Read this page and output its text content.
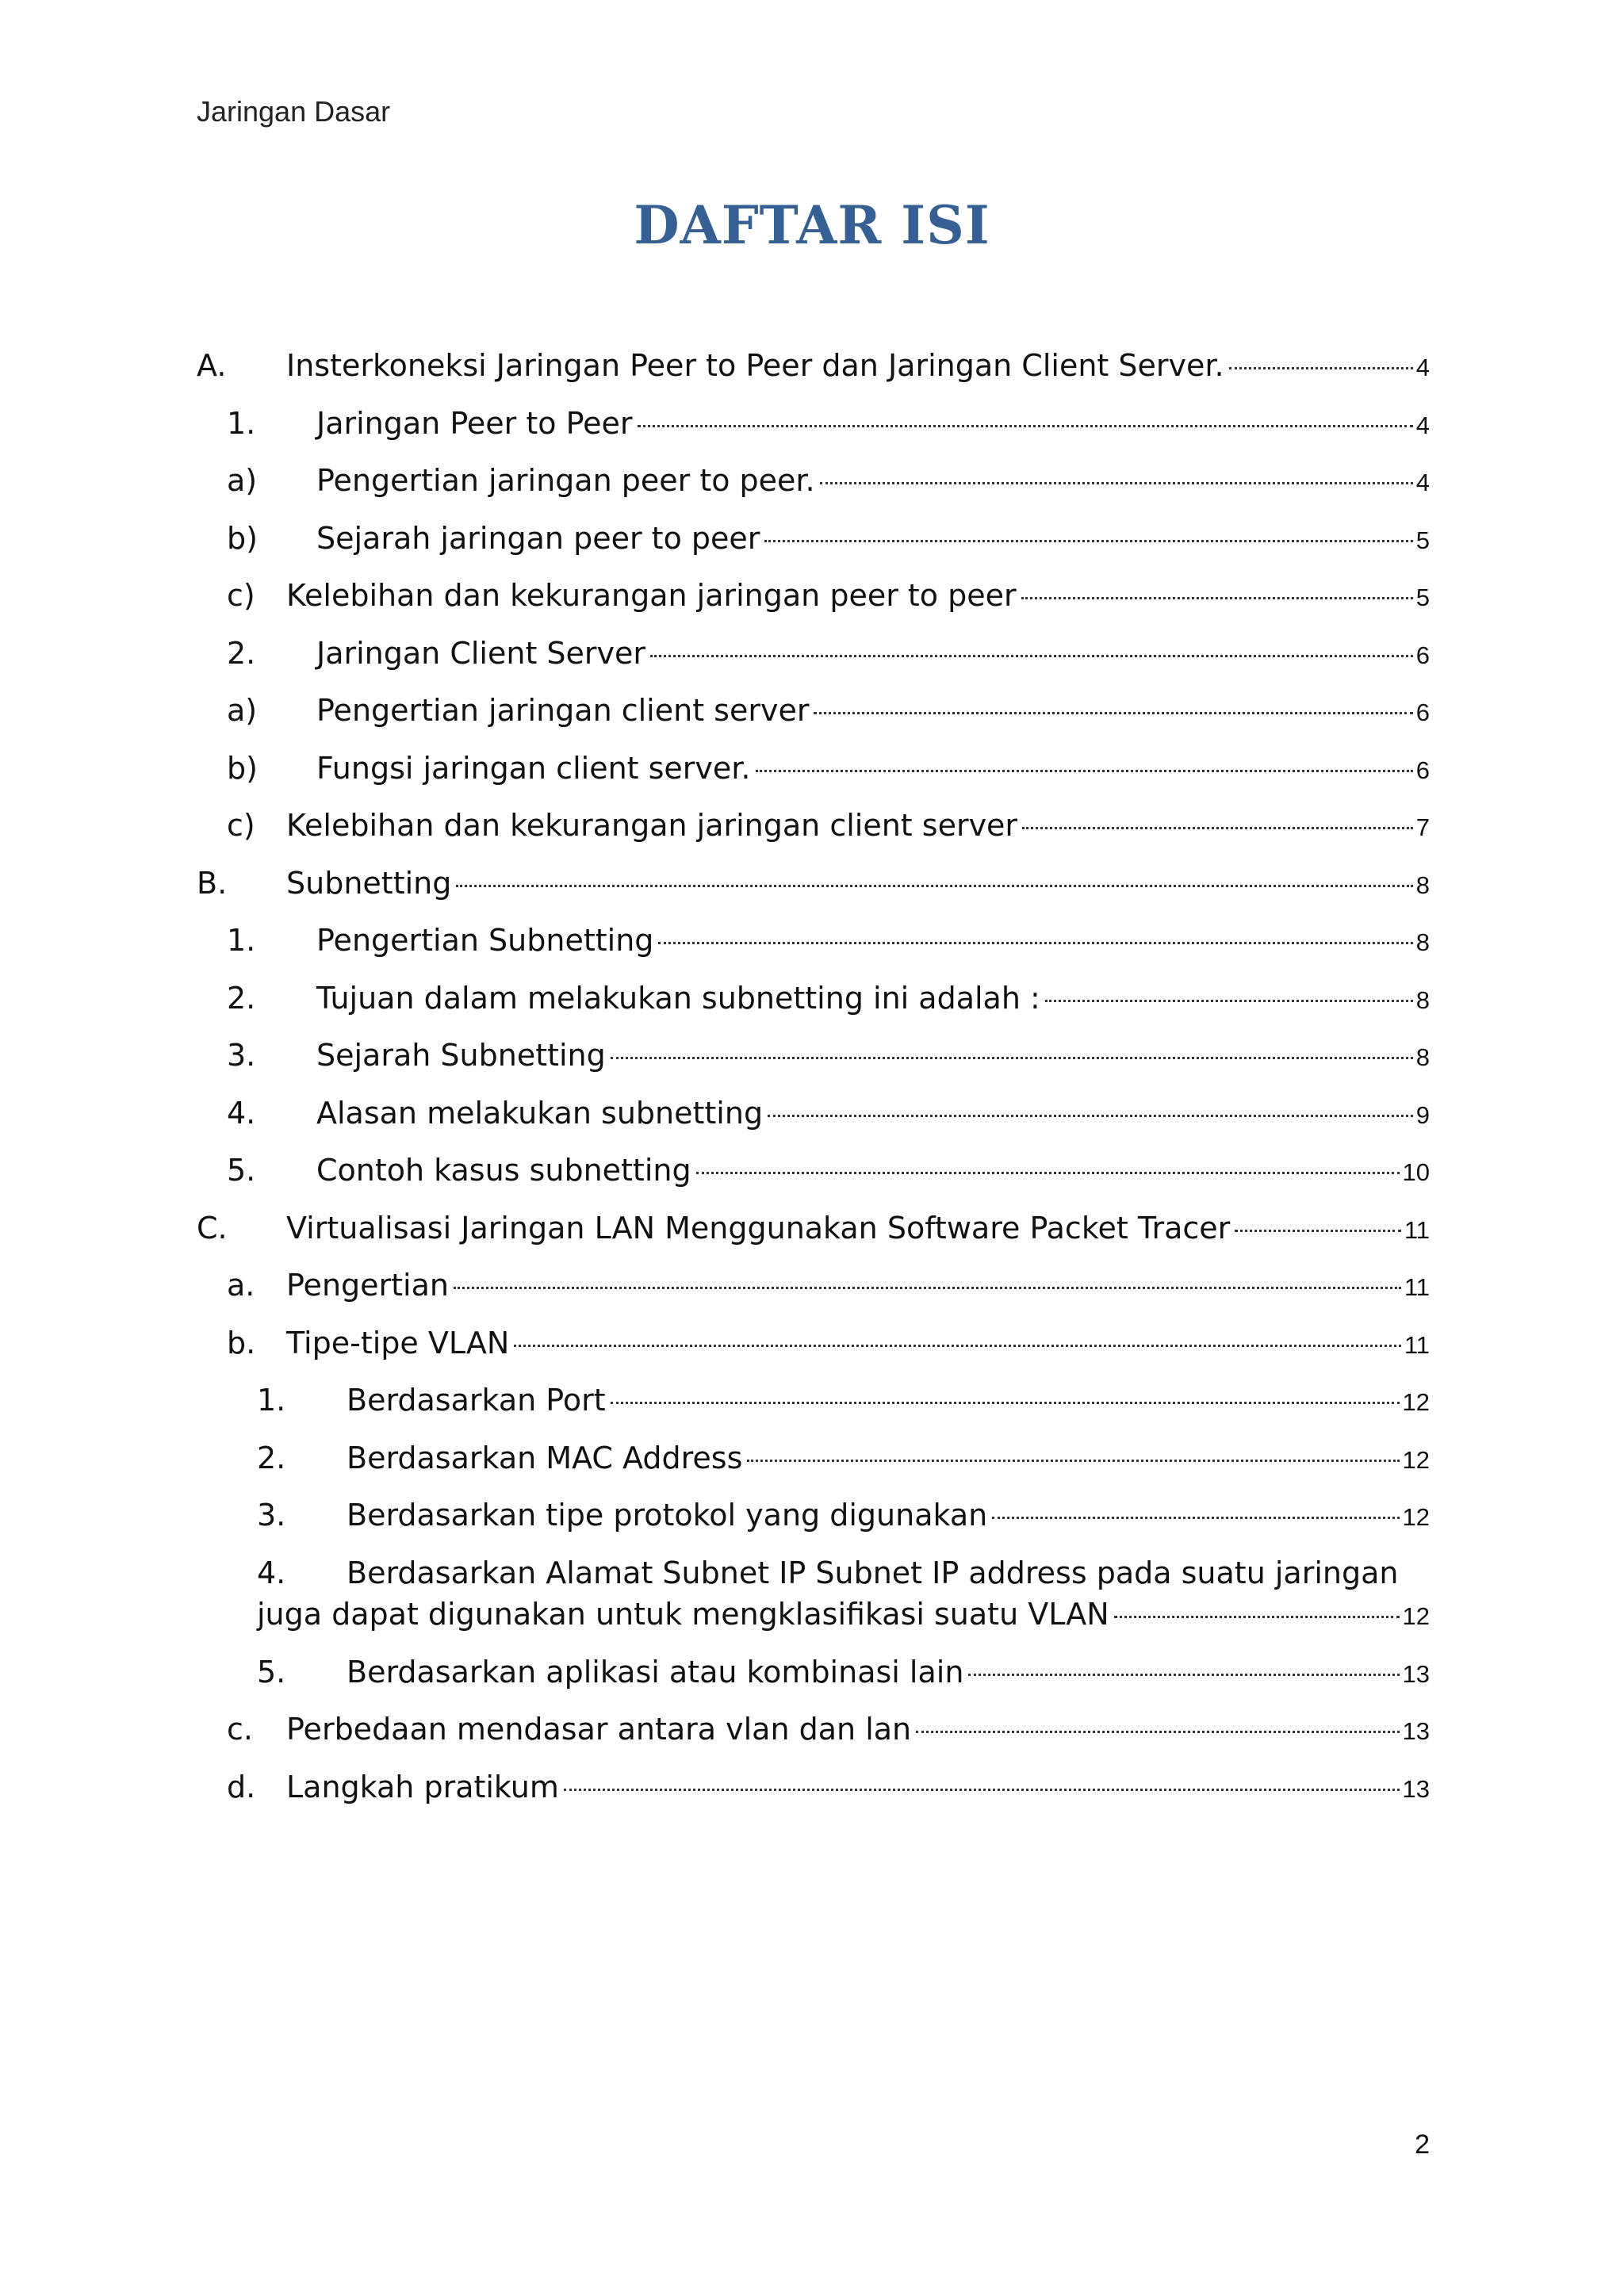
Jaringan Dasar
DAFTAR ISI
A.	Insterkoneksi Jaringan Peer to Peer dan Jaringan Client Server.	4
1.	Jaringan Peer to Peer	4
a)	Pengertian jaringan peer to peer.	4
b)	Sejarah jaringan peer to peer	5
c)	Kelebihan dan kekurangan jaringan peer to peer	5
2.	Jaringan Client Server	6
a)	Pengertian jaringan client server	6
b)	Fungsi jaringan client server.	6
c)	Kelebihan dan kekurangan jaringan client server	7
B.	Subnetting	8
1.	Pengertian Subnetting	8
2.	Tujuan dalam melakukan subnetting ini adalah :	8
3.	Sejarah Subnetting	8
4.	Alasan melakukan subnetting	9
5.	Contoh kasus subnetting	10
C.	Virtualisasi Jaringan LAN Menggunakan Software Packet Tracer	11
a.	Pengertian	11
b.	Tipe-tipe VLAN	11
1.	Berdasarkan Port	12
2.	Berdasarkan MAC Address	12
3.	Berdasarkan tipe protokol yang digunakan	12
4. Berdasarkan Alamat Subnet IP Subnet IP address pada suatu jaringan
juga dapat digunakan untuk mengklasifikasi suatu VLAN	12
5.	Berdasarkan aplikasi atau kombinasi lain	13
c.	Perbedaan mendasar antara vlan dan lan	13
d.	Langkah pratikum	13
2
